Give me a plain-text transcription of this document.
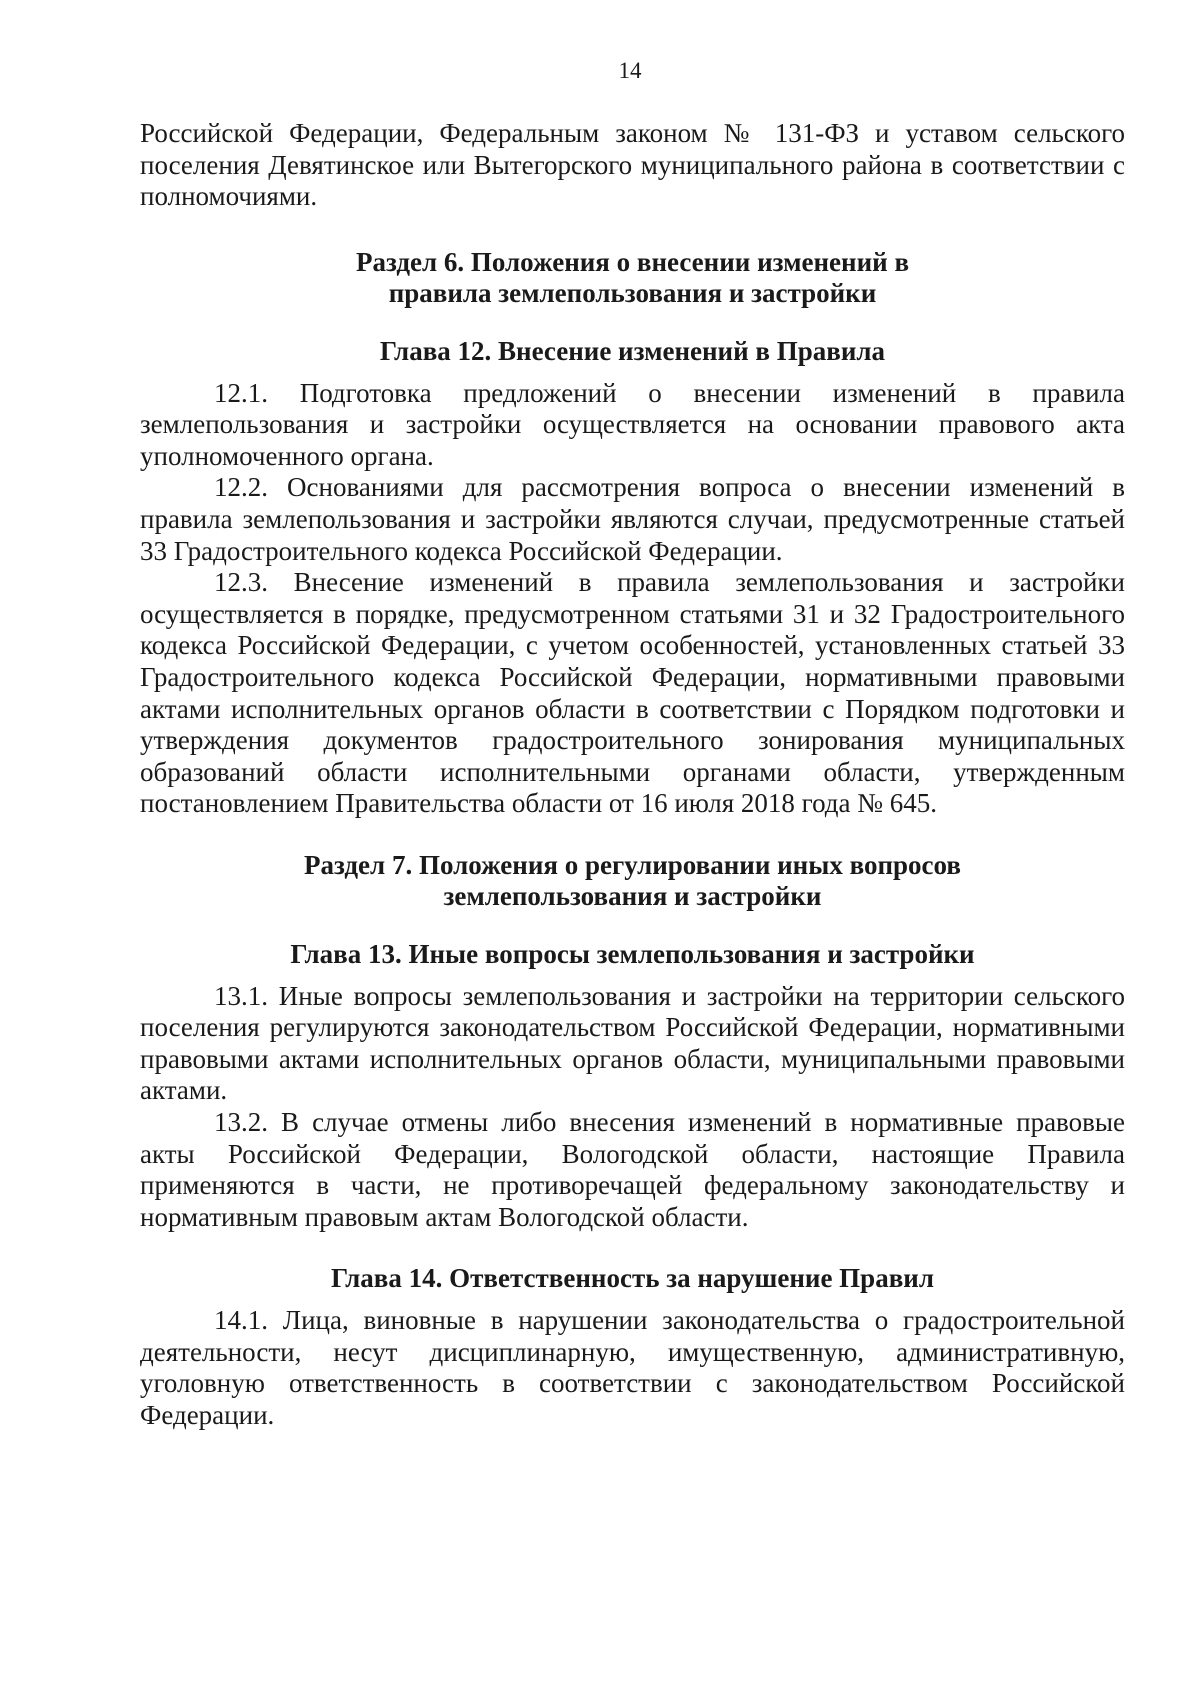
14

Российской Федерации, Федеральным законом № 131-ФЗ и уставом сельского поселения Девятинское или Вытегорского муниципального района в соответствии с полномочиями.

Раздел 6. Положения о внесении изменений в
правила землепользования и застройки
Глава 12. Внесение изменений в Правила

12.1. Подготовка предложений о внесении изменений в правила землепользования и застройки осуществляется на основании правового акта уполномоченного органа.

12.2. Основаниями для рассмотрения вопроса о внесении изменений в правила землепользования и застройки являются случаи, предусмотренные статьей 33 Градостроительного кодекса Российской Федерации.

12.3. Внесение изменений в правила землепользования и застройки осуществляется в порядке, предусмотренном статьями 31 и 32 Градостроительного кодекса Российской Федерации, с учетом особенностей, установленных статьей 33 Градостроительного кодекса Российской Федерации, нормативными правовыми актами исполнительных органов области в соответствии с Порядком подготовки и утверждения документов градостроительного зонирования муниципальных образований области исполнительными органами области, утвержденным постановлением Правительства области от 16 июля 2018 года № 645.

Раздел 7. Положения о регулировании иных вопросов
землепользования и застройки
Глава 13. Иные вопросы землепользования и застройки

13.1. Иные вопросы землепользования и застройки на территории сельского поселения регулируются законодательством Российской Федерации, нормативными правовыми актами исполнительных органов области, муниципальными правовыми актами.

13.2. В случае отмены либо внесения изменений в нормативные правовые акты Российской Федерации, Вологодской области, настоящие Правила применяются в части, не противоречащей федеральному законодательству и нормативным правовым актам Вологодской области.

Глава 14. Ответственность за нарушение Правил

14.1. Лица, виновные в нарушении законодательства о градостроительной деятельности, несут дисциплинарную, имущественную, административную, уголовную ответственность в соответствии с законодательством Российской Федерации.
